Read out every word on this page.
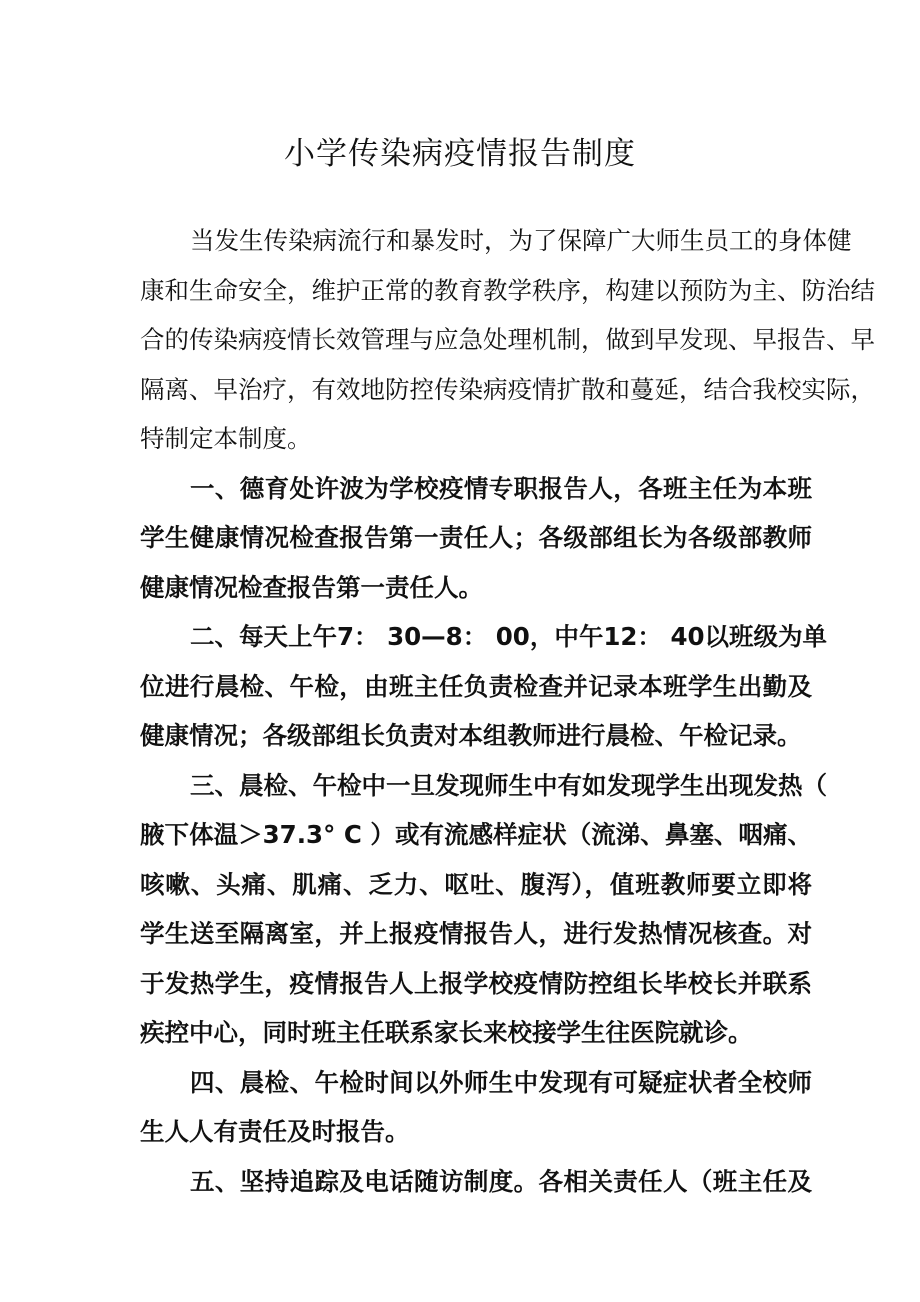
小学传染病疫情报告制度
当发生传染病流行和暴发时，为了保障广大师生员工的身体健
康和生命安全，维护正常的教育教学秩序，构建以预防为主、防治结
合的传染病疫情长效管理与应急处理机制，做到早发现、早报告、早
隔离、早治疗，有效地防控传染病疫情扩散和蔓延，结合我校实际，
特制定本制度。
一、德育处许波为学校疫情专职报告人，各班主任为本班
学生健康情况检查报告第一责任人；各级部组长为各级部教师
健康情况检查报告第一责任人。
二、每天上午7： 30—8： 00，中午12： 40以班级为单
位进行晨检、午检，由班主任负责检查并记录本班学生出勤及
健康情况；各级部组长负责对本组教师进行晨检、午检记录。
三、晨检、午检中一旦发现师生中有如发现学生出现发热（
腋下体温＞37.3° C ）或有流感样症状（流涕、鼻塞、咽痛、
咳嗽、头痛、肌痛、乏力、呕吐、腹泻），值班教师要立即将
学生送至隔离室，并上报疫情报告人，进行发热情况核查。对
于发热学生，疫情报告人上报学校疫情防控组长毕校长并联系
疾控中心，同时班主任联系家长来校接学生往医院就诊。
四、晨检、午检时间以外师生中发现有可疑症状者全校师
生人人有责任及时报告。
五、坚持追踪及电话随访制度。各相关责任人（班主任及
